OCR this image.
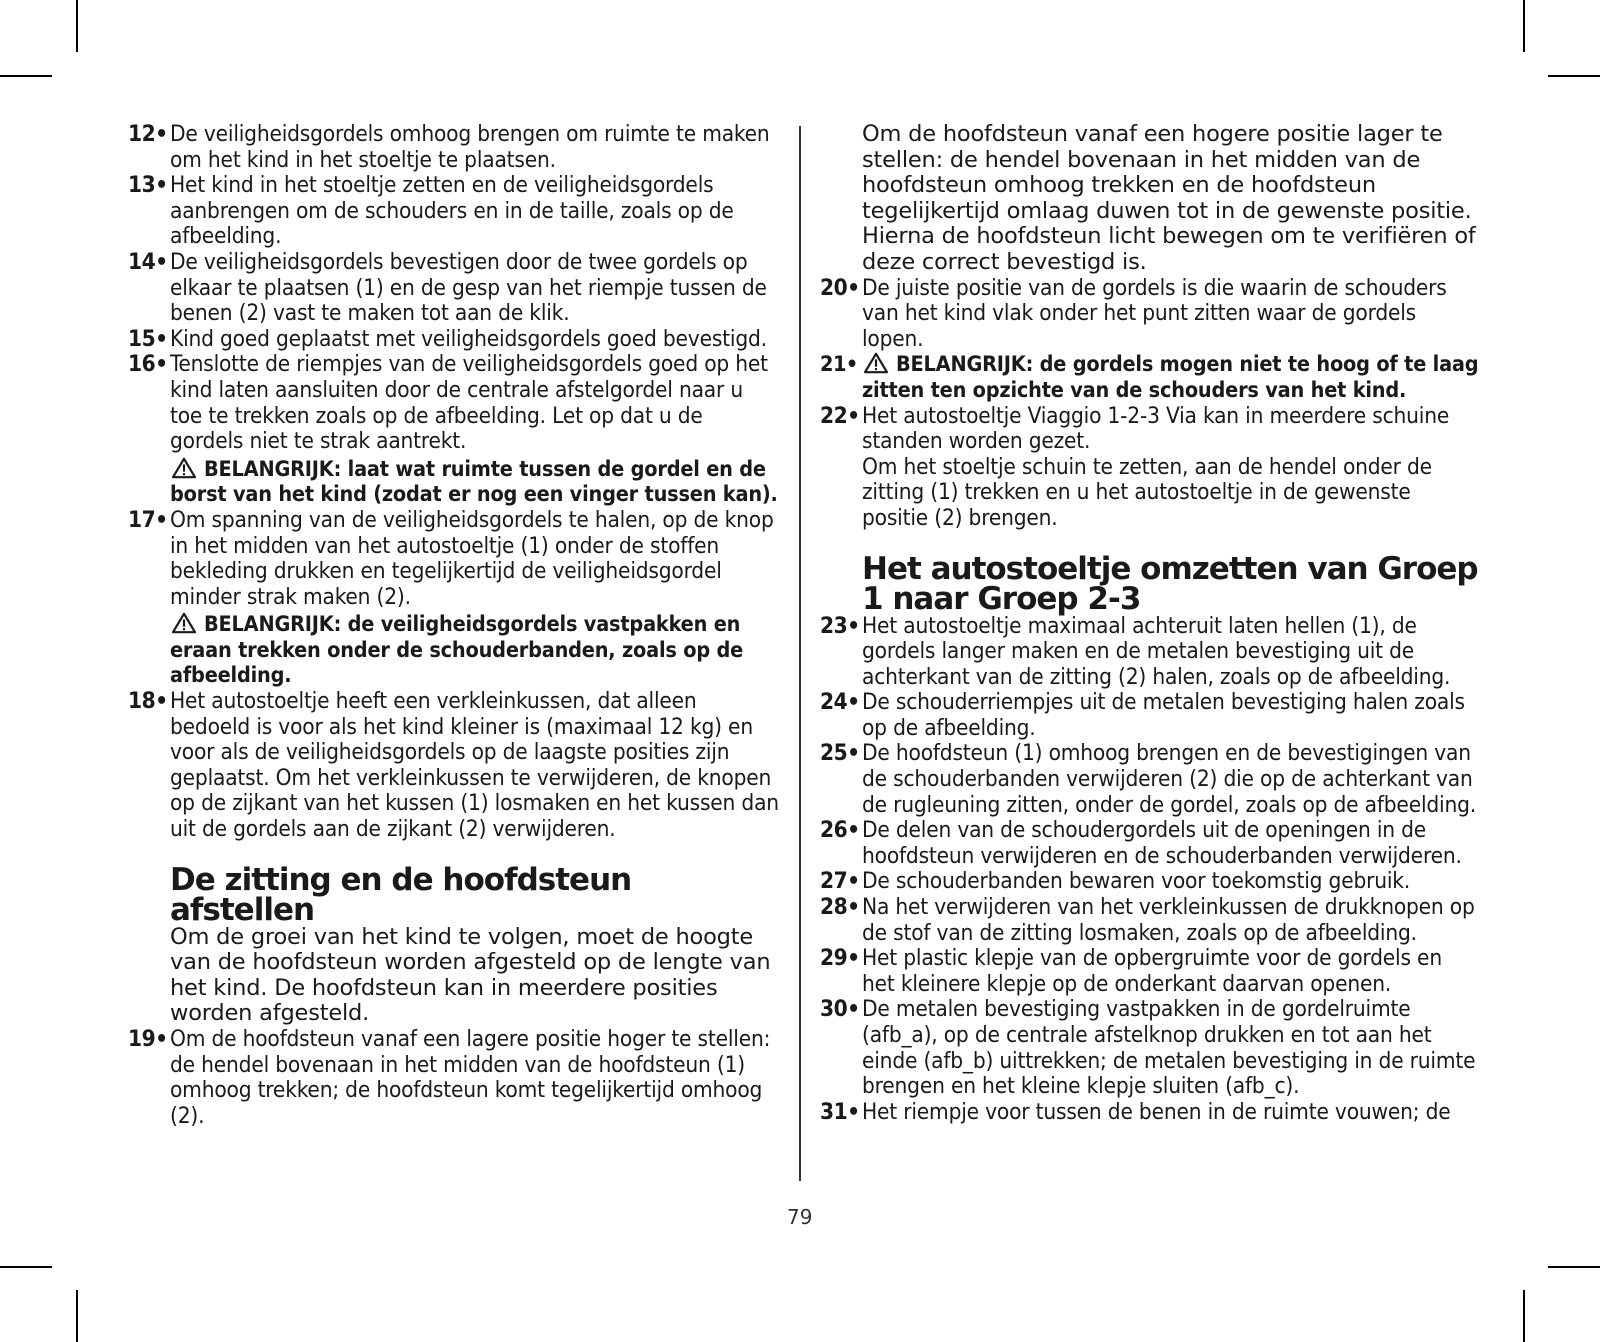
12• De veiligheidsgordels omhoog brengen om ruimte te maken om het kind in het stoeltje te plaatsen.
13• Het kind in het stoeltje zetten en de veiligheidsgordels aanbrengen om de schouders en in de taille, zoals op de afbeelding.
14• De veiligheidsgordels bevestigen door de twee gordels op elkaar te plaatsen (1) en de gesp van het riempje tussen de benen (2) vast te maken tot aan de klik.
15• Kind goed geplaatst met veiligheidsgordels goed bevestigd.
16• Tenslotte de riempjes van de veiligheidsgordels goed op het kind laten aansluiten door de centrale afstelgordel naar u toe te trekken zoals op de afbeelding. Let op dat u de gordels niet te strak aantrekt.
BELANGRIJK: laat wat ruimte tussen de gordel en de borst van het kind (zodat er nog een vinger tussen kan).
17• Om spanning van de veiligheidsgordels te halen, op de knop in het midden van het autostoeltje (1) onder de stoffen bekleding drukken en tegelijkertijd de veiligheidsgordel minder strak maken (2).
BELANGRIJK: de veiligheidsgordels vastpakken en eraan trekken onder de schouderbanden, zoals op de afbeelding.
18• Het autostoeltje heeft een verkleinkussen, dat alleen bedoeld is voor als het kind kleiner is (maximaal 12 kg) en voor als de veiligheidsgordels op de laagste posities zijn geplaatst. Om het verkleinkussen te verwijderen, de knopen op de zijkant van het kussen (1) losmaken en het kussen dan uit de gordels aan de zijkant (2) verwijderen.
De zitting en de hoofdsteun afstellen
Om de groei van het kind te volgen, moet de hoogte van de hoofdsteun worden afgesteld op de lengte van het kind. De hoofdsteun kan in meerdere posities worden afgesteld.
19• Om de hoofdsteun vanaf een lagere positie hoger te stellen: de hendel bovenaan in het midden van de hoofdsteun (1) omhoog trekken; de hoofdsteun komt tegelijkertijd omhoog (2).
Om de hoofdsteun vanaf een hogere positie lager te stellen: de hendel bovenaan in het midden van de hoofdsteun omhoog trekken en de hoofdsteun tegelijkertijd omlaag duwen tot in de gewenste positie. Hierna de hoofdsteun licht bewegen om te verifiëren of deze correct bevestigd is.
20• De juiste positie van de gordels is die waarin de schouders van het kind vlak onder het punt zitten waar de gordels lopen.
21• BELANGRIJK: de gordels mogen niet te hoog of te laag zitten ten opzichte van de schouders van het kind.
22• Het autostoeltje Viaggio 1-2-3 Via kan in meerdere schuine standen worden gezet.
Om het stoeltje schuin te zetten, aan de hendel onder de zitting (1) trekken en u het autostoeltje in de gewenste positie (2) brengen.
Het autostoeltje omzetten van Groep 1 naar Groep 2-3
23• Het autostoeltje maximaal achteruit laten hellen (1), de gordels langer maken en de metalen bevestiging uit de achterkant van de zitting (2) halen, zoals op de afbeelding.
24• De schouderriempjes uit de metalen bevestiging halen zoals op de afbeelding.
25• De hoofdsteun (1) omhoog brengen en de bevestigingen van de schouderbanden verwijderen (2) die op de achterkant van de rugleuning zitten, onder de gordel, zoals op de afbeelding.
26• De delen van de schoudergordels uit de openingen in de hoofdsteun verwijderen en de schouderbanden verwijderen.
27• De schouderbanden bewaren voor toekomstig gebruik.
28• Na het verwijderen van het verkleinkussen de drukknopen op de stof van de zitting losmaken, zoals op de afbeelding.
29• Het plastic klepje van de opbergruimte voor de gordels en het kleinere klepje op de onderkant daarvan openen.
30• De metalen bevestiging vastpakken in de gordelruimte (afb_a), op de centrale afstelknop drukken en tot aan het einde (afb_b) uittrekken; de metalen bevestiging in de ruimte brengen en het kleine klepje sluiten (afb_c).
31• Het riempje voor tussen de benen in de ruimte vouwen; de
79
